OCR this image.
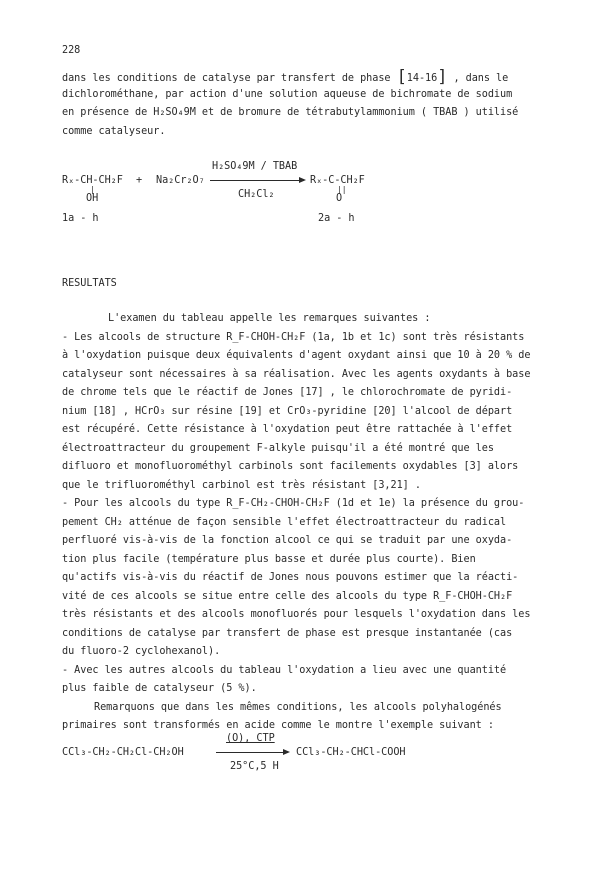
228
dans les conditions de catalyse par transfert de phase [14-16] , dans le
dichlorométhane, par action d'une solution aqueuse de bichromate de sodium
en présence de H₂SO₄9M et de bromure de tétrabutylammonium ( TBAB ) utilisé
comme catalyseur.
Rₓ-CH-CH₂F
|
OH
+ Na₂Cr₂O₇
H₂SO₄9M / TBAB
CH₂Cl₂
Rₓ-C-CH₂F
||
O
1a - h	2a - h
RESULTATS
L'examen du tableau appelle les remarques suivantes :
- Les alcools de structure R_F-CHOH-CH₂F (1a, 1b et 1c) sont très résistants
à l'oxydation puisque deux équivalents d'agent oxydant ainsi que 10 à 20 % de
catalyseur sont nécessaires à sa réalisation. Avec les agents oxydants à base
de chrome tels que le réactif de Jones [17] , le chlorochromate de pyridi-
nium [18] , HCrO₃ sur résine [19] et CrO₃-pyridine [20] l'alcool de départ
est récupéré. Cette résistance à l'oxydation peut être rattachée à l'effet
électroattracteur du groupement F-alkyle puisqu'il a été montré que les
difluoro et monofluorométhyl carbinols sont facilements oxydables [3] alors
que le trifluorométhyl carbinol est très résistant [3,21] .
- Pour les alcools du type R_F-CH₂-CHOH-CH₂F (1d et 1e) la présence du grou-
pement CH₂ atténue de façon sensible l'effet électroattracteur du radical
perfluoré vis-à-vis de la fonction alcool ce qui se traduit par une oxyda-
tion plus facile (température plus basse et durée plus courte). Bien
qu'actifs vis-à-vis du réactif de Jones nous pouvons estimer que la réacti-
vité de ces alcools se situe entre celle des alcools du type R_F-CHOH-CH₂F
très résistants et des alcools monofluorés pour lesquels l'oxydation dans les
conditions de catalyse par transfert de phase est presque instantanée (cas
du fluoro-2 cyclohexanol).
- Avec les autres alcools du tableau l'oxydation a lieu avec une quantité
plus faible de catalyseur (5 %).
Remarquons que dans les mêmes conditions, les alcools polyhalogénés
primaires sont transformés en acide comme le montre l'exemple suivant :
CCl₃-CH₂-CH₂Cl-CH₂OH
(O), CTP
25°C,5 H
CCl₃-CH₂-CHCl-COOH
